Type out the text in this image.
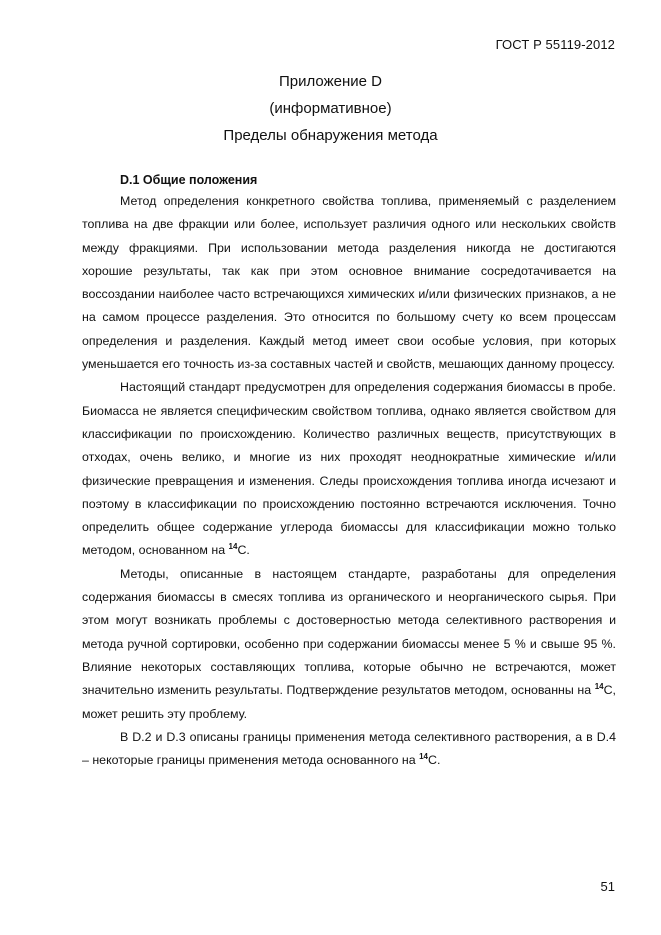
ГОСТ Р 55119-2012
Приложение D
(информативное)
Пределы обнаружения метода
D.1 Общие положения

Метод определения конкретного свойства топлива, применяемый с разделением топлива на две фракции или более, использует различия одного или нескольких свойств между фракциями. При использовании метода разделения никогда не достигаются хорошие результаты, так как при этом основное внимание сосредотачивается на воссоздании наиболее часто встречающихся химических и/или физических признаков, а не на самом процессе разделения. Это относится по большому счету ко всем процессам определения и разделения. Каждый метод имеет свои особые условия, при которых уменьшается его точность из-за составных частей и свойств, мешающих данному процессу.

Настоящий стандарт предусмотрен для определения содержания биомассы в пробе. Биомасса не является специфическим свойством топлива, однако является свойством для классификации по происхождению. Количество различных веществ, присутствующих в отходах, очень велико, и многие из них проходят неоднократные химические и/или физические превращения и изменения. Следы происхождения топлива иногда исчезают и поэтому в классификации по происхождению постоянно встречаются исключения. Точно определить общее содержание углерода биомассы для классификации можно только методом, основанном на $^{14}$C.

Методы, описанные в настоящем стандарте, разработаны для определения содержания биомассы в смесях топлива из органического и неорганического сырья. При этом могут возникать проблемы с достоверностью метода селективного растворения и метода ручной сортировки, особенно при содержании биомассы менее 5 % и свыше 95 %. Влияние некоторых составляющих топлива, которые обычно не встречаются, может значительно изменить результаты. Подтверждение результатов методом, основанны на $^{14}$C, может решить эту проблему.

В D.2 и D.3 описаны границы применения метода селективного растворения, а в D.4 – некоторые границы применения метода основанного на $^{14}$C.

51
